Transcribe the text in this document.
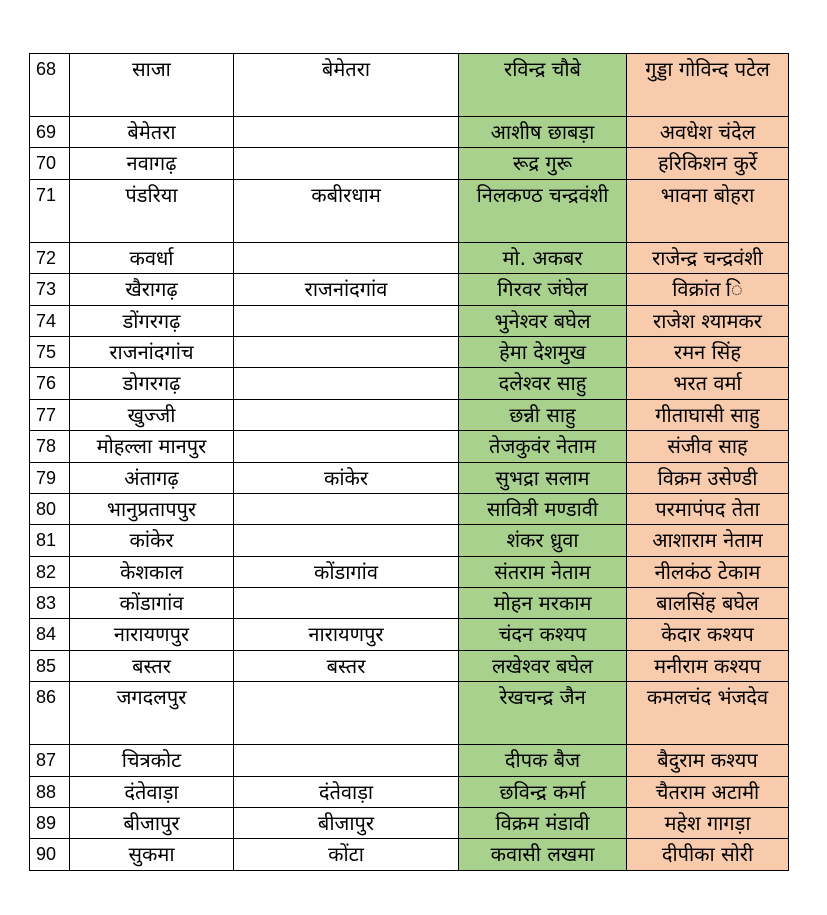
68	साजा	बेमेतरा	रविन्द्र चौबे	गुड्डा गोविन्द पटेल
69	बेमेतरा		आशीष छाबड़ा	अवधेश चंदेल
70	नवागढ़		रूद्र गुरू	हरिकिशन कुर्रे
71	पंडरिया	कबीरधाम	निलकण्ठ चन्द्रवंशी	भावना बोहरा
72	कवर्धा		मो. अकबर	राजेन्द्र चन्द्रवंशी
73	खैरागढ़	राजनांदगांव	गिरवर जंघेल	विक्रांत ि
74	डोंगरगढ़		भुनेश्वर बघेल	राजेश श्यामकर
75	राजनांदगांच		हेमा देशमुख	रमन सिंह
76	डोगरगढ़		दलेश्वर साहु	भरत वर्मा
77	खुज्जी		छन्नी साहु	गीताघासी साहु
78	मोहल्ला मानपुर		तेजकुवंर नेताम	संजीव साह
79	अंतागढ़	कांकेर	सुभद्रा सलाम	विक्रम उसेण्डी
80	भानुप्रतापपुर		सावित्री मण्डावी	परमापंपद तेता
81	कांकेर		शंकर ध्रुवा	आशाराम नेताम
82	केशकाल	कोंडागांव	संतराम नेताम	नीलकंठ टेकाम
83	कोंडागांव		मोहन मरकाम	बालसिंह बघेल
84	नारायणपुर	नारायणपुर	चंदन कश्यप	केदार कश्यप
85	बस्तर	बस्तर	लखेश्वर बघेल	मनीराम कश्यप
86	जगदलपुर		रेखचन्द्र जैन	कमलचंद भंजदेव
87	चित्रकोट		दीपक बैज	बैदुराम कश्यप
88	दंतेवाड़ा	दंतेवाड़ा	छविन्द्र कर्मा	चैतराम अटामी
89	बीजापुर	बीजापुर	विक्रम मंडावी	महेश गागड़ा
90	सुकमा	कोंटा	कवासी लखमा	दीपीका सोरी
